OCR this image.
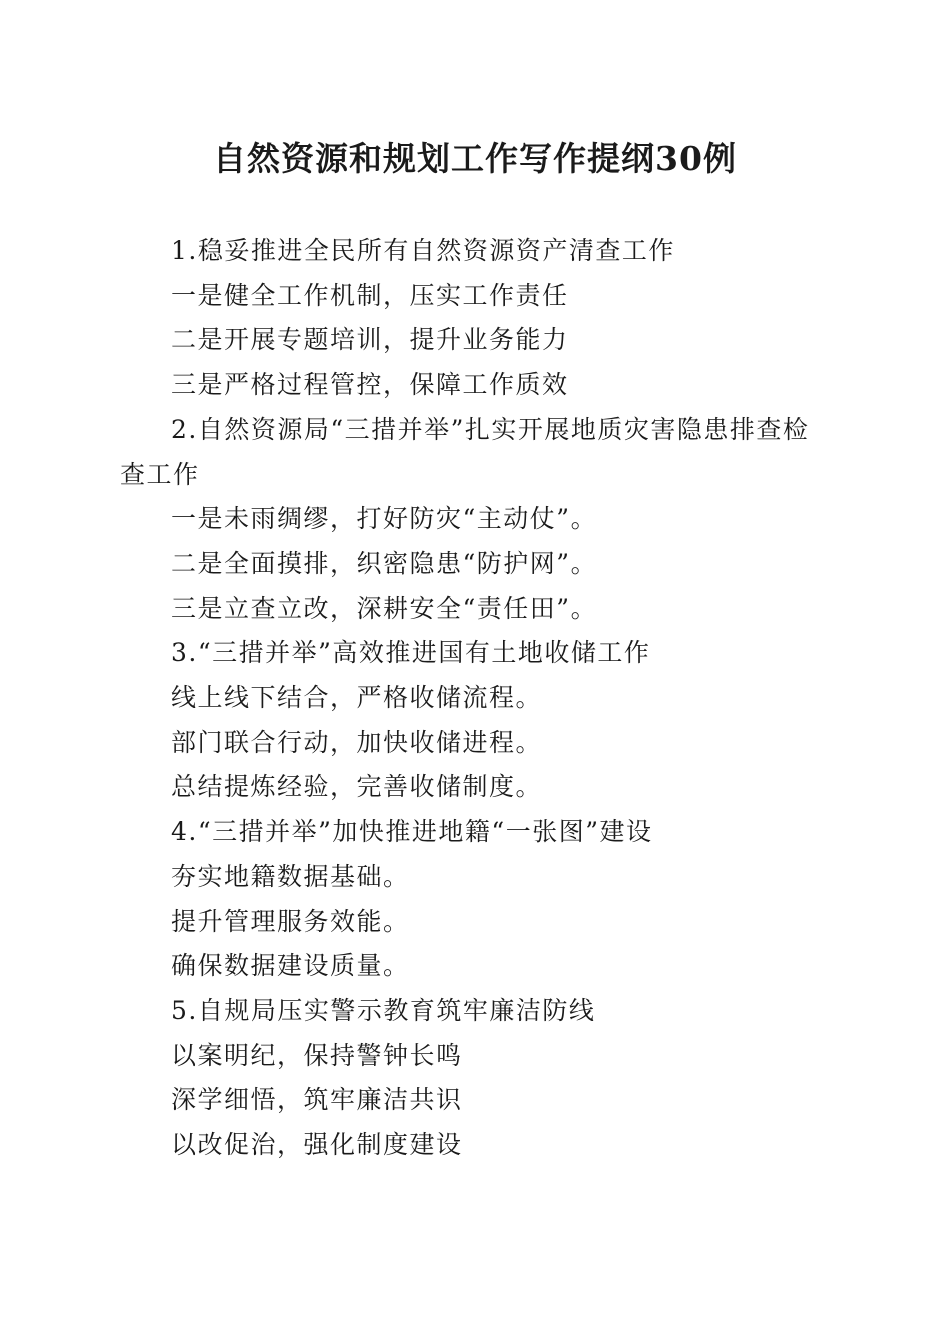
自然资源和规划工作写作提纲30例

1.稳妥推进全民所有自然资源资产清查工作

一是健全工作机制，压实工作责任

二是开展专题培训，提升业务能力

三是严格过程管控，保障工作质效

2.自然资源局“三措并举”扎实开展地质灾害隐患排查检查工作

一是未雨绸缪，打好防灾“主动仗”。

二是全面摸排，织密隐患“防护网”。

三是立查立改，深耕安全“责任田”。

3.“三措并举”高效推进国有土地收储工作

线上线下结合，严格收储流程。

部门联合行动，加快收储进程。

总结提炼经验，完善收储制度。

4.“三措并举”加快推进地籍“一张图”建设

夯实地籍数据基础。

提升管理服务效能。

确保数据建设质量。

5.自规局压实警示教育筑牢廉洁防线

以案明纪，保持警钟长鸣

深学细悟，筑牢廉洁共识

以改促治，强化制度建设
